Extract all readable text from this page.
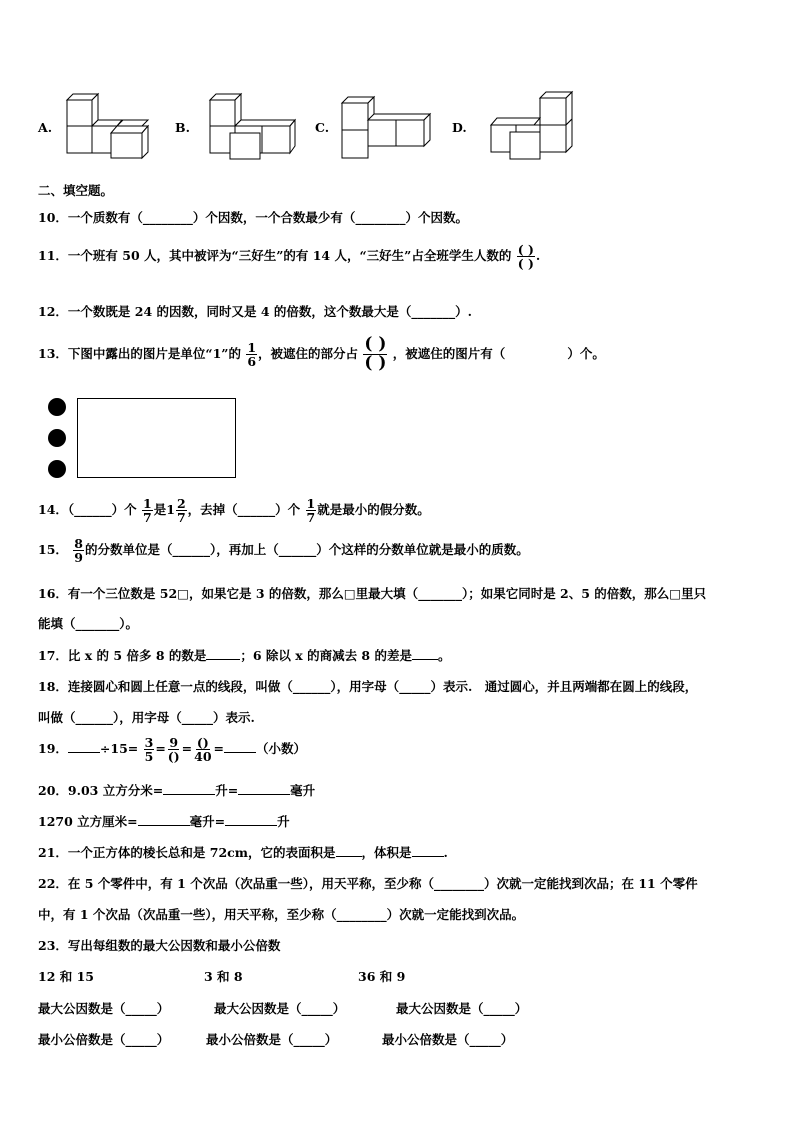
A.	B.	C.	D.
二、填空题。
10．一个质数有（________）个因数，一个合数最少有（________）个因数。
11．一个班有 50 人，其中被评为“三好生”的有 14 人，“三好生”占全班学生人数的 ( )
( )
.
12．一个数既是 24 的因数，同时又是 4 的倍数，这个数最大是（_______）.
13．下图中露出的图片是单位“1”的 $\frac{1}{6}$ ，被遮住的部分占 ( )
( ) ，被遮住的图片有（	）个。
14．（______）个 $\frac{1}{7}$ 是$1 \frac{2}{7}$ ，去掉（______）个 $\frac{1}{7}$ 就是最小的假分数。
15． $\frac{8}{9}$ 的分数单位是（______），再加上（______）个这样的分数单位就是最小的质数。
16．有一个三位数是 52□，如果它是 3 的倍数，那么□里最大填（_______）；如果它同时是 2、5 的倍数，那么□里只
能填（_______）。
17．比 x 的 5 倍多 8 的数是	；6 除以 x 的商减去 8 的差是 。
18．连接圆心和圆上任意一点的线段，叫做（______），用字母（_____）表示.　通过圆心，并且两端都在圆上的线段，
叫做（______），用字母（_____）表示.
19．	$\div 15= \frac{3}{5} = 9$
()
= ()
40
=	（小数）
20．9.03 立方分米=	升=	毫升
1270 立方厘米=	毫升=	升
21．一个正方体的棱长总和是 72cm，它的表面积是 ，体积是	.
22．在 5 个零件中，有 1 个次品（次品重一些），用天平称，至少称（________）次就一定能找到次品；在 11 个零件
中，有 1 个次品（次品重一些），用天平称，至少称（________）次就一定能找到次品。
23．写出每组数的最大公因数和最小公倍数
12 和 15	3 和 8	36 和 9
最大公因数是（_____）	最大公因数是（_____）	最大公因数是（_____）
最小公倍数是（_____）	最小公倍数是（_____）	最小公倍数是（_____）
